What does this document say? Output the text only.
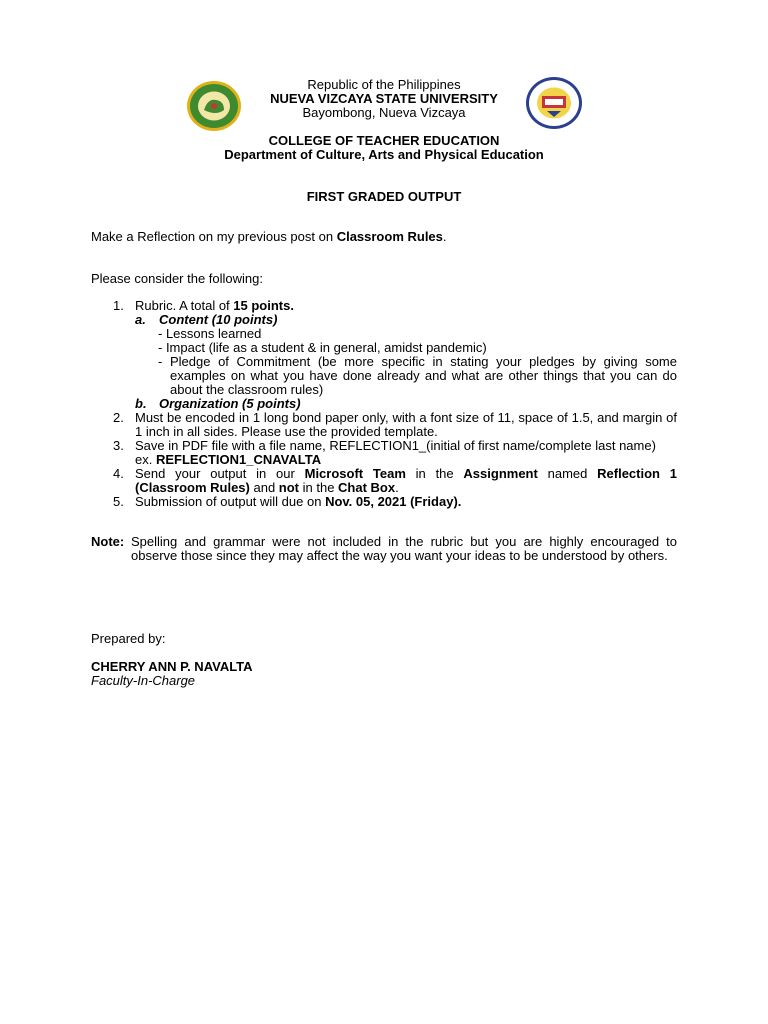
Republic of the Philippines
NUEVA VIZCAYA STATE UNIVERSITY
Bayombong, Nueva Vizcaya
COLLEGE OF TEACHER EDUCATION
Department of Culture, Arts and Physical Education
FIRST GRADED OUTPUT
Make a Reflection on my previous post on Classroom Rules.
Please consider the following:
1. Rubric. A total of 15 points.
a. Content (10 points)
- Lessons learned
- Impact (life as a student & in general, amidst pandemic)
- Pledge of Commitment (be more specific in stating your pledges by giving some examples on what you have done already and what are other things that you can do about the classroom rules)
b. Organization (5 points)
2. Must be encoded in 1 long bond paper only, with a font size of 11, space of 1.5, and margin of 1 inch in all sides. Please use the provided template.
3. Save in PDF file with a file name, REFLECTION1_(initial of first name/complete last name)
ex. REFLECTION1_CNAVALTA
4. Send your output in our Microsoft Team in the Assignment named Reflection 1 (Classroom Rules) and not in the Chat Box.
5. Submission of output will due on Nov. 05, 2021 (Friday).
Note: Spelling and grammar were not included in the rubric but you are highly encouraged to observe those since they may affect the way you want your ideas to be understood by others.
Prepared by:
CHERRY ANN P. NAVALTA
Faculty-In-Charge
